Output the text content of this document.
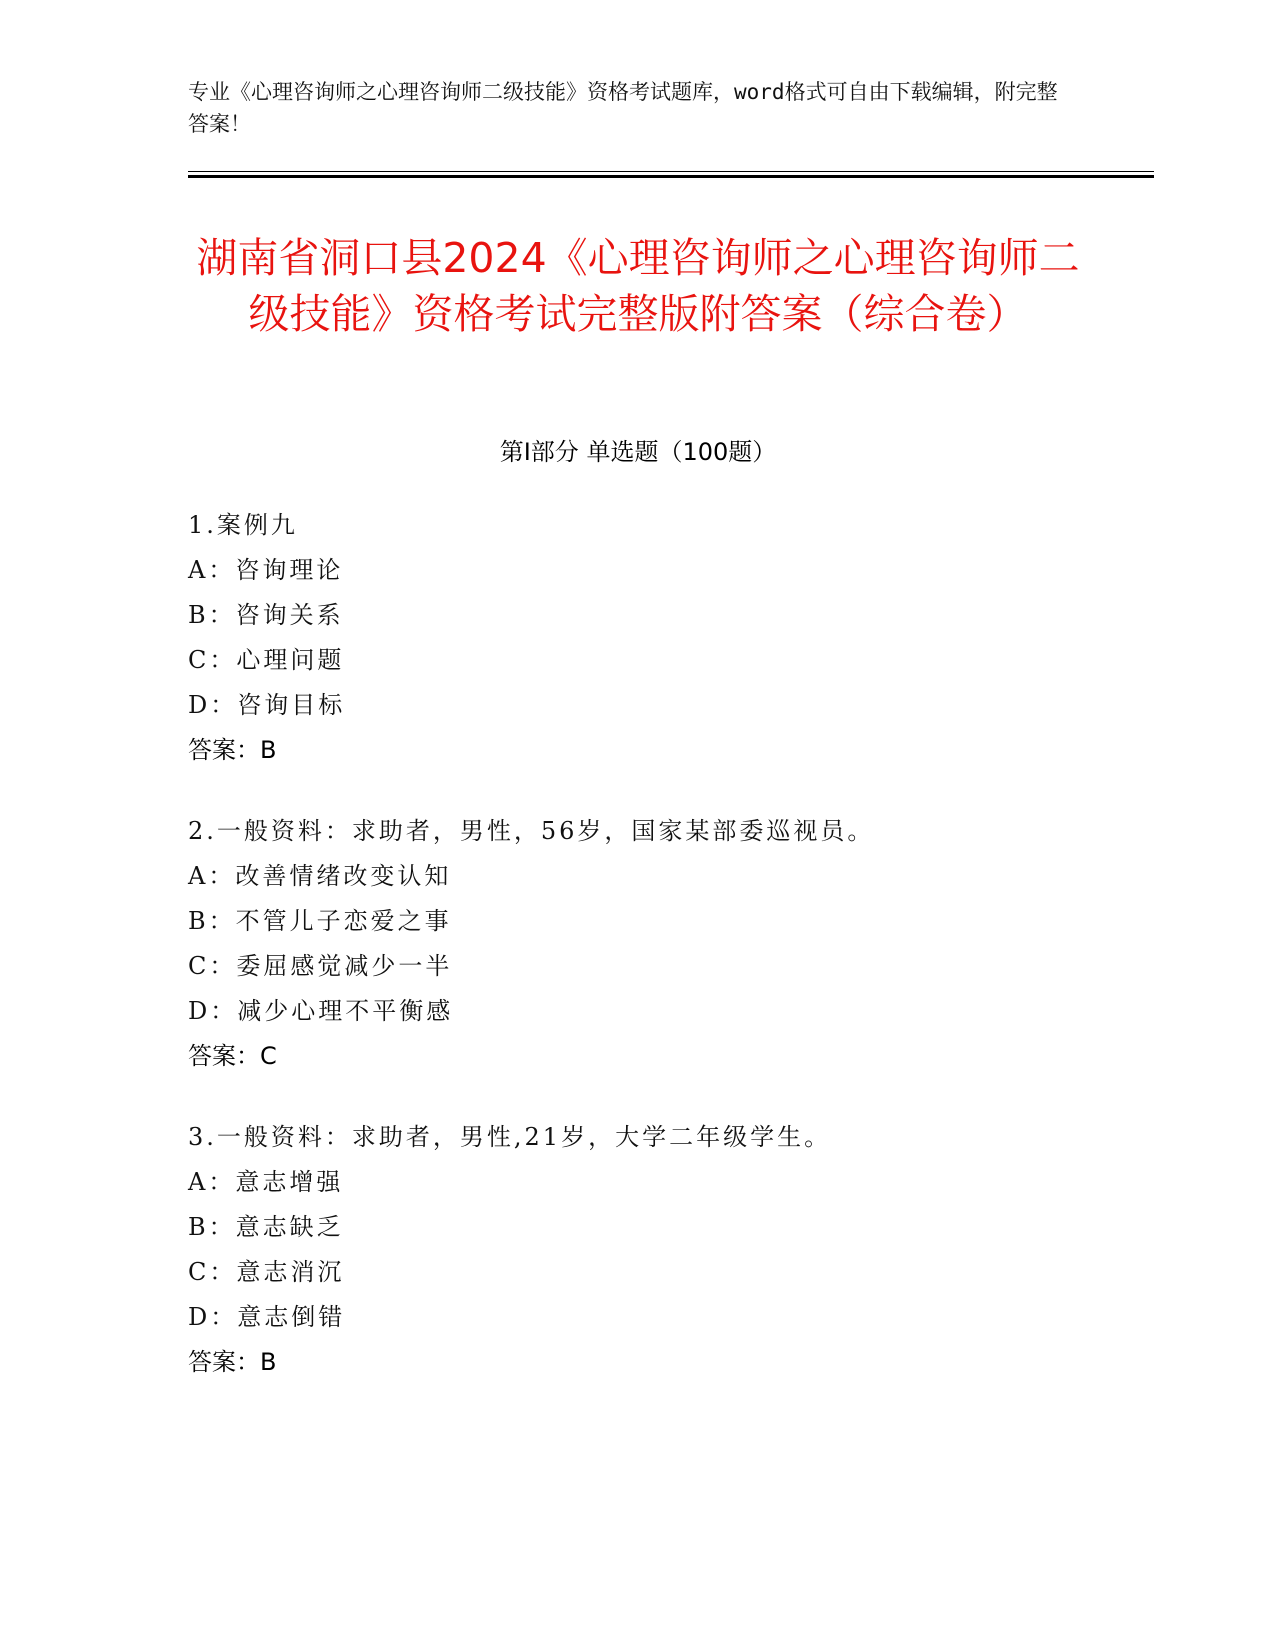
专业《心理咨询师之心理咨询师二级技能》资格考试题库，word格式可自由下载编辑，附完整答案！
湖南省洞口县2024《心理咨询师之心理咨询师二级技能》资格考试完整版附答案（综合卷）
第I部分 单选题（100题）
1.案例九
A：咨询理论
B：咨询关系
C：心理问题
D：咨询目标
答案：B
2.一般资料：求助者，男性，56岁，国家某部委巡视员。
A：改善情绪改变认知
B：不管儿子恋爱之事
C：委屈感觉减少一半
D：减少心理不平衡感
答案：C
3.一般资料：求助者，男性,21岁，大学二年级学生。
A：意志增强
B：意志缺乏
C：意志消沉
D：意志倒错
答案：B
